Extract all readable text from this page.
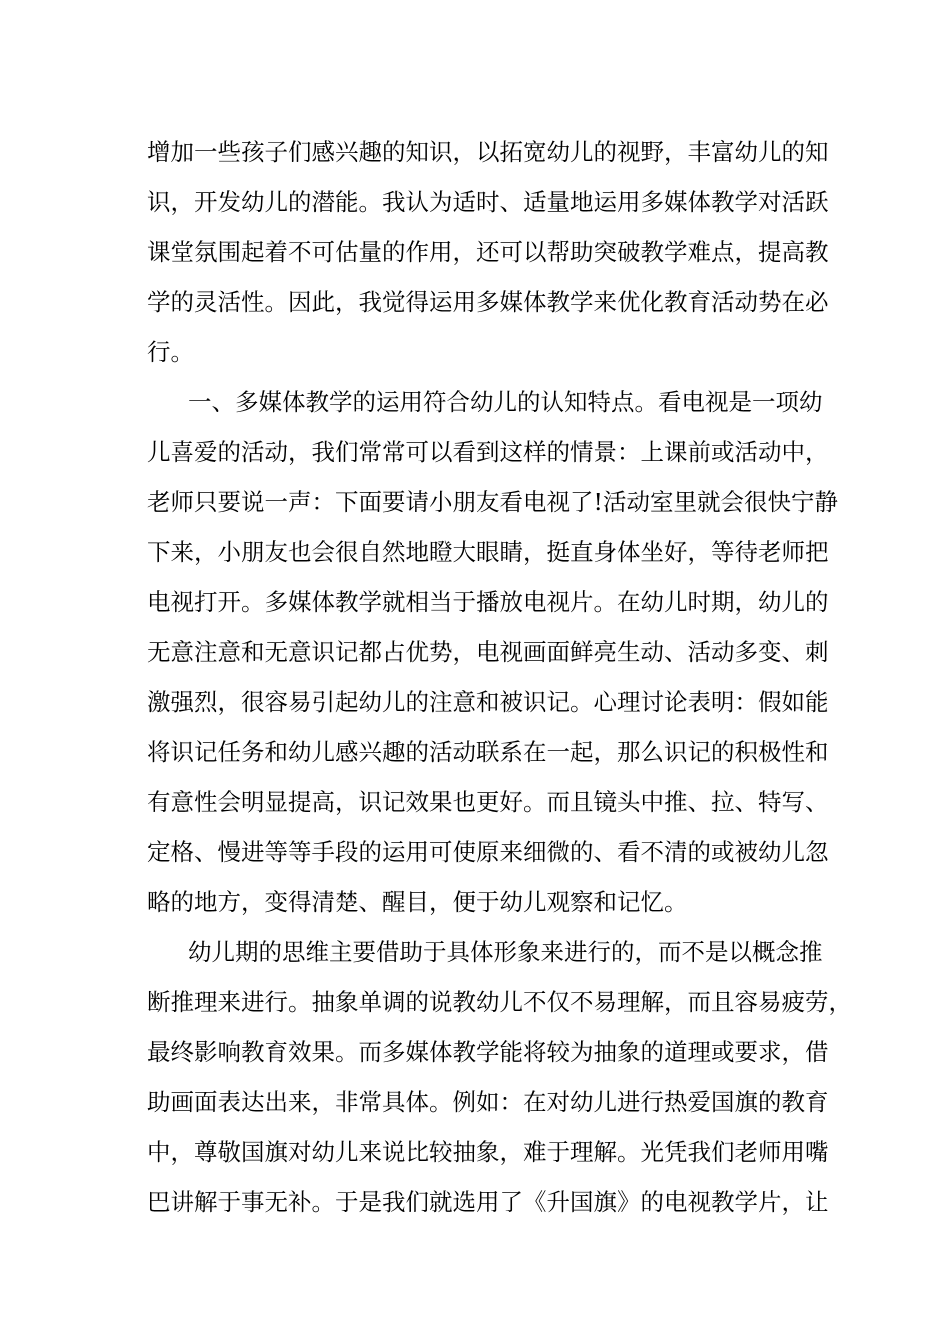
增加一些孩子们感兴趣的知识，以拓宽幼儿的视野，丰富幼儿的知
识，开发幼儿的潜能。我认为适时、适量地运用多媒体教学对活跃
课堂氛围起着不可估量的作用，还可以帮助突破教学难点，提高教
学的灵活性。因此，我觉得运用多媒体教学来优化教育活动势在必
行。
一、多媒体教学的运用符合幼儿的认知特点。看电视是一项幼
儿喜爱的活动，我们常常可以看到这样的情景：上课前或活动中，
老师只要说一声：下面要请小朋友看电视了!活动室里就会很快宁静
下来，小朋友也会很自然地瞪大眼睛，挺直身体坐好，等待老师把
电视打开。多媒体教学就相当于播放电视片。在幼儿时期，幼儿的
无意注意和无意识记都占优势，电视画面鲜亮生动、活动多变、刺
激强烈，很容易引起幼儿的注意和被识记。心理讨论表明：假如能
将识记任务和幼儿感兴趣的活动联系在一起，那么识记的积极性和
有意性会明显提高，识记效果也更好。而且镜头中推、拉、特写、
定格、慢进等等手段的运用可使原来细微的、看不清的或被幼儿忽
略的地方，变得清楚、醒目，便于幼儿观察和记忆。
幼儿期的思维主要借助于具体形象来进行的，而不是以概念推
断推理来进行。抽象单调的说教幼儿不仅不易理解，而且容易疲劳，
最终影响教育效果。而多媒体教学能将较为抽象的道理或要求，借
助画面表达出来，非常具体。例如：在对幼儿进行热爱国旗的教育
中，尊敬国旗对幼儿来说比较抽象，难于理解。光凭我们老师用嘴
巴讲解于事无补。于是我们就选用了《升国旗》的电视教学片，让
